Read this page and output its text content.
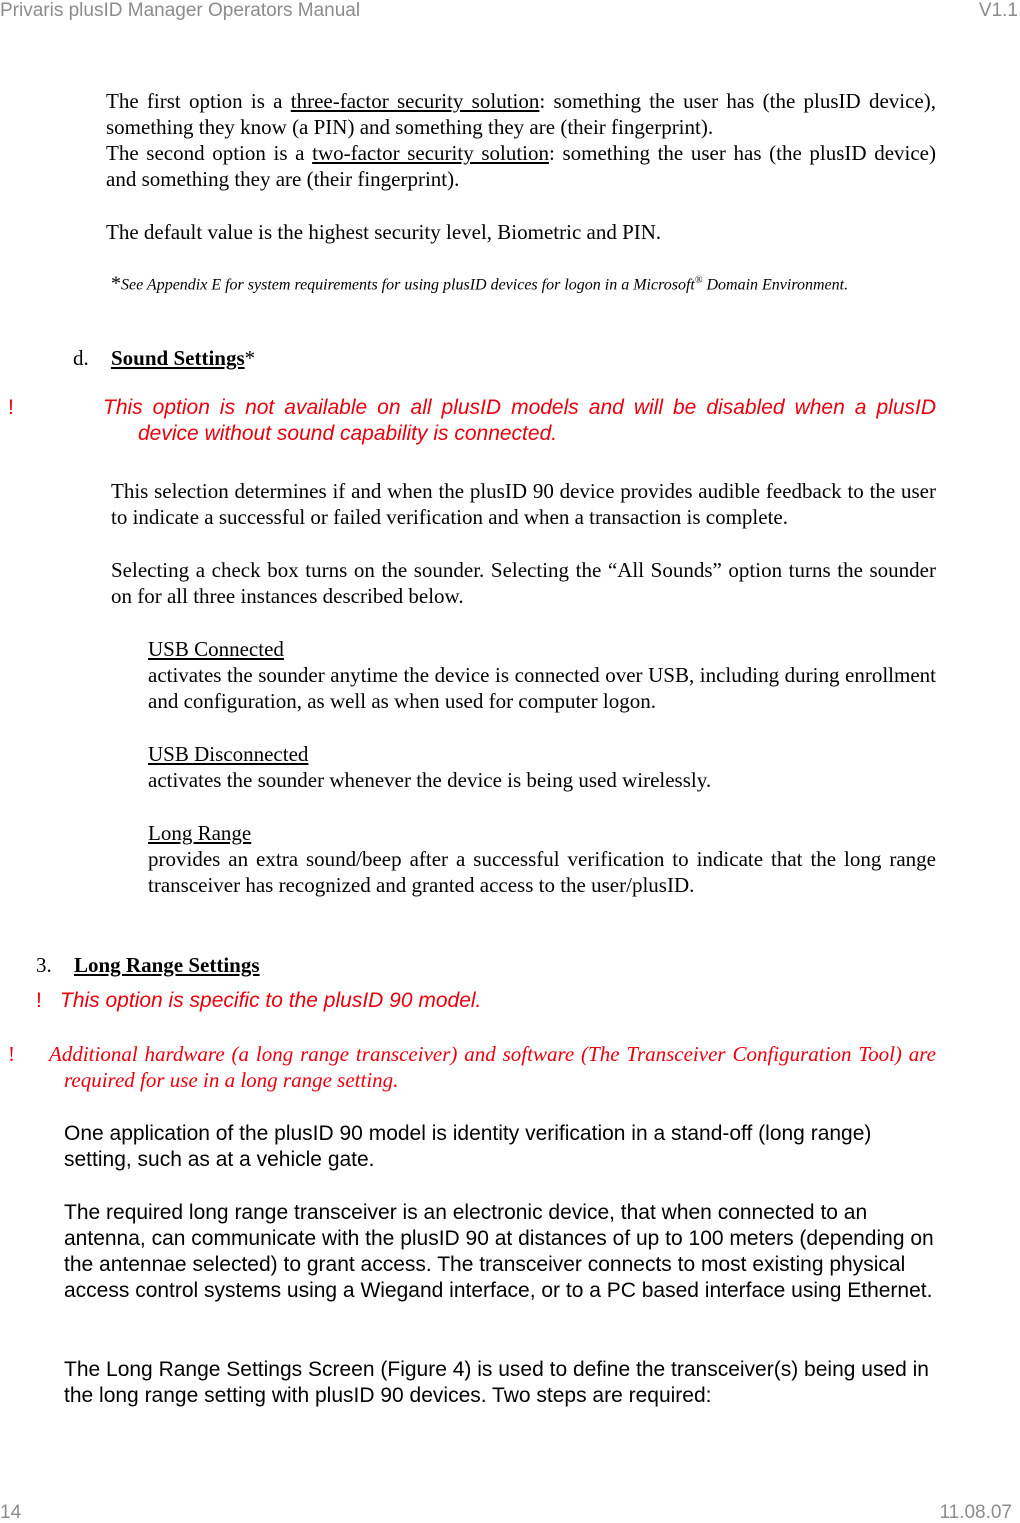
Privaris plusID Manager Operators Manual	V1.1
The first option is a three-factor security solution: something the user has (the plusID device), something they know (a PIN) and something they are (their fingerprint).
The second option is a two-factor security solution: something the user has (the plusID device) and something they are (their fingerprint).
The default value is the highest security level, Biometric and PIN.

*See Appendix E for system requirements for using plusID devices for logon in a Microsoft® Domain Environment.

d. Sound Settings*
!	This option is not available on all plusID models and will be disabled when a plusID device without sound capability is connected.
This selection determines if and when the plusID 90 device provides audible feedback to the user to indicate a successful or failed verification and when a transaction is complete.
Selecting a check box turns on the sounder. Selecting the “All Sounds” option turns the sounder on for all three instances described below.

USB Connected

activates the sounder anytime the device is connected over USB, including during enrollment and configuration, as well as when used for computer logon.

USB Disconnected

activates the sounder whenever the device is being used wirelessly.

Long Range

provides an extra sound/beep after a successful verification to indicate that the long range transceiver has recognized and granted access to the user/plusID.

3. Long Range Settings
! This option is specific to the plusID 90 model.
! Additional hardware (a long range transceiver) and software (The Transceiver Configuration Tool) are required for use in a long range setting.
One application of the plusID 90 model is identity verification in a stand-off (long range) setting, such as at a vehicle gate.
The required long range transceiver is an electronic device, that when connected to an antenna, can communicate with the plusID 90 at distances of up to 100 meters (depending on the antennae selected) to grant access. The transceiver connects to most existing physical access control systems using a Wiegand interface, or to a PC based interface using Ethernet.
The Long Range Settings Screen (Figure 4) is used to define the transceiver(s) being used in the long range setting with plusID 90 devices. Two steps are required:
14	11.08.07
